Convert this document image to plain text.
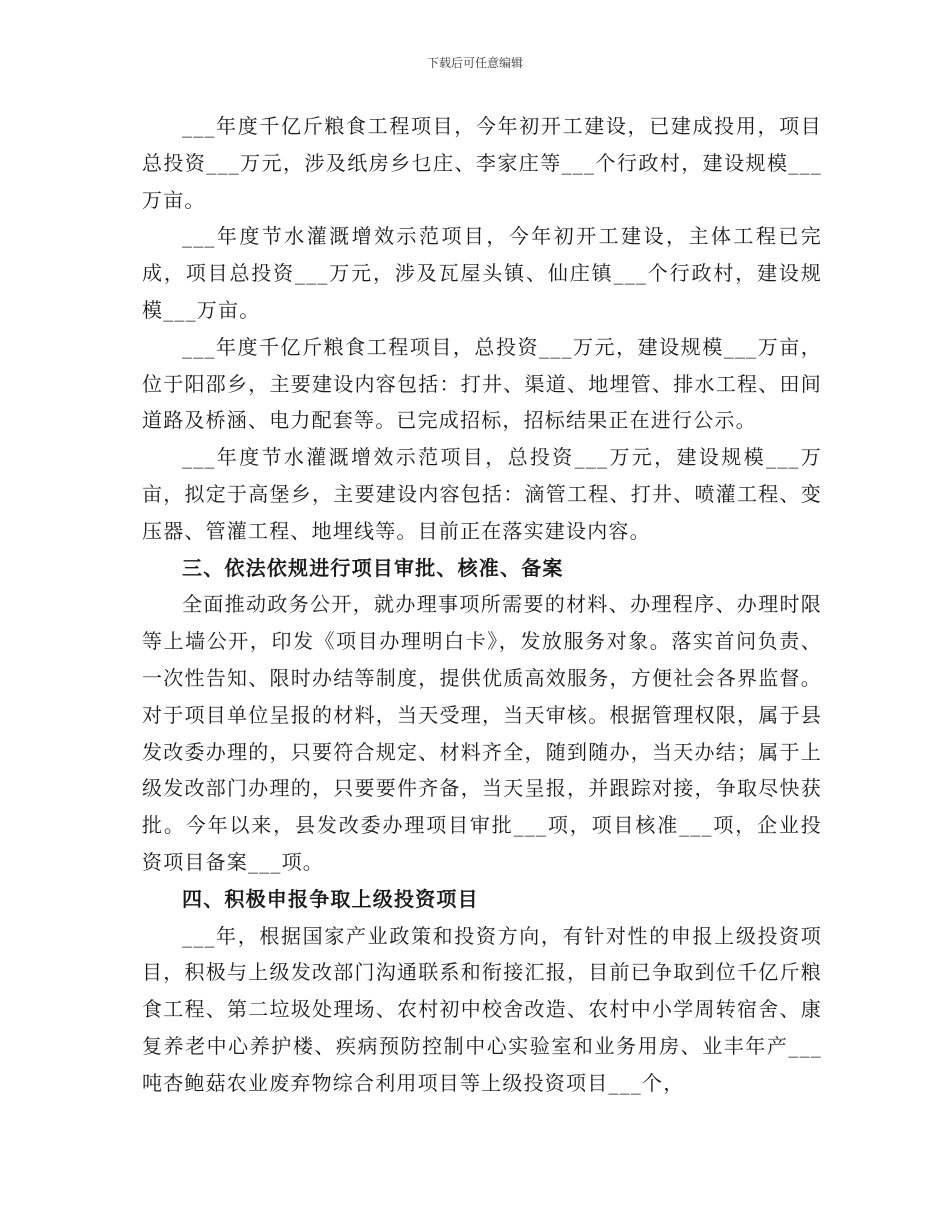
下载后可任意编辑

___年度千亿斤粮食工程项目，今年初开工建设，已建成投用，项目总投资___万元，涉及纸房乡乜庄、李家庄等___个行政村，建设规模___万亩。

___年度节水灌溉增效示范项目，今年初开工建设，主体工程已完成，项目总投资___万元，涉及瓦屋头镇、仙庄镇___个行政村，建设规模___万亩。

___年度千亿斤粮食工程项目，总投资___万元，建设规模___万亩，位于阳邵乡，主要建设内容包括：打井、渠道、地埋管、排水工程、田间道路及桥涵、电力配套等。已完成招标，招标结果正在进行公示。

___年度节水灌溉增效示范项目，总投资___万元，建设规模___万亩，拟定于高堡乡，主要建设内容包括：滴管工程、打井、喷灌工程、变压器、管灌工程、地埋线等。目前正在落实建设内容。

三、依法依规进行项目审批、核准、备案

全面推动政务公开，就办理事项所需要的材料、办理程序、办理时限等上墙公开，印发《项目办理明白卡》，发放服务对象。落实首问负责、一次性告知、限时办结等制度，提供优质高效服务，方便社会各界监督。对于项目单位呈报的材料，当天受理，当天审核。根据管理权限，属于县发改委办理的，只要符合规定、材料齐全，随到随办，当天办结；属于上级发改部门办理的，只要要件齐备，当天呈报，并跟踪对接，争取尽快获批。今年以来，县发改委办理项目审批___项，项目核准___项，企业投资项目备案___项。

四、积极申报争取上级投资项目

___年，根据国家产业政策和投资方向，有针对性的申报上级投资项目，积极与上级发改部门沟通联系和衔接汇报，目前已争取到位千亿斤粮食工程、第二垃圾处理场、农村初中校舍改造、农村中小学周转宿舍、康复养老中心养护楼、疾病预防控制中心实验室和业务用房、业丰年产___吨杏鲍菇农业废弃物综合利用项目等上级投资项目___个，
